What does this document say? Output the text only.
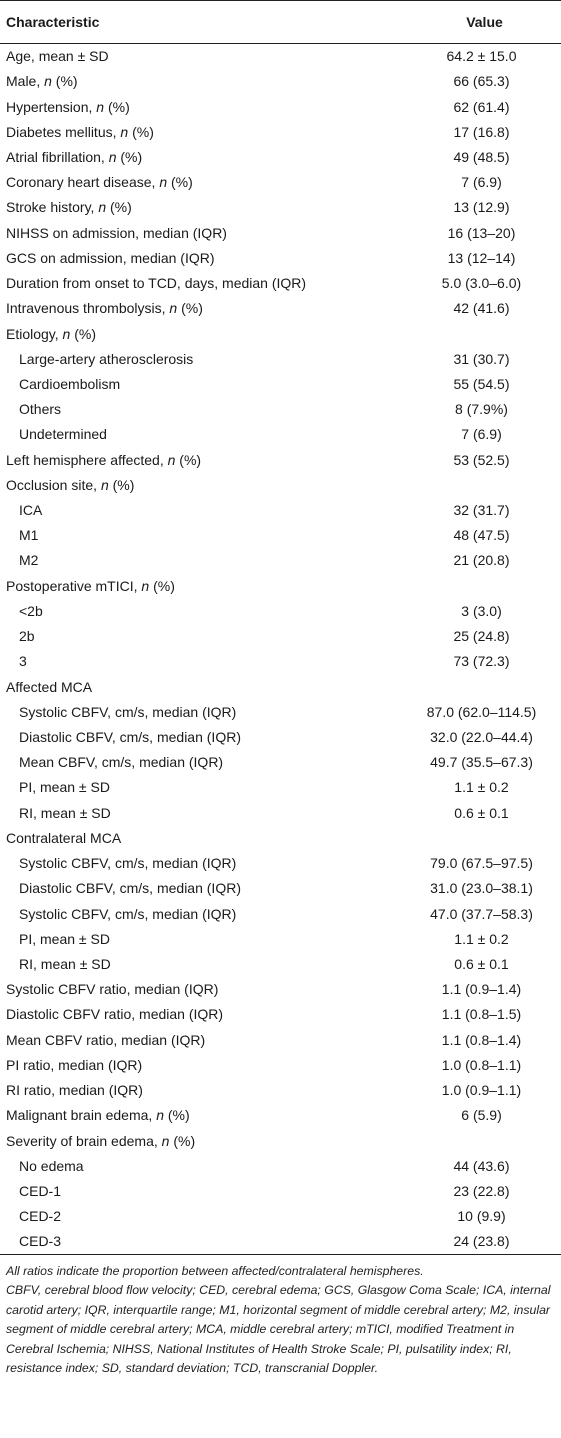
Characteristic	Value
Age, mean ± SD	64.2 ± 15.0
Male, n (%)	66 (65.3)
Hypertension, n (%)	62 (61.4)
Diabetes mellitus, n (%)	17 (16.8)
Atrial fibrillation, n (%)	49 (48.5)
Coronary heart disease, n (%)	7 (6.9)
Stroke history, n (%)	13 (12.9)
NIHSS on admission, median (IQR)	16 (13–20)
GCS on admission, median (IQR)	13 (12–14)
Duration from onset to TCD, days, median (IQR)	5.0 (3.0–6.0)
Intravenous thrombolysis, n (%)	42 (41.6)
Etiology, n (%)	
Large-artery atherosclerosis	31 (30.7)
Cardioembolism	55 (54.5)
Others	8 (7.9%)
Undetermined	7 (6.9)
Left hemisphere affected, n (%)	53 (52.5)
Occlusion site, n (%)	
ICA	32 (31.7)
M1	48 (47.5)
M2	21 (20.8)
Postoperative mTICI, n (%)	
<2b	3 (3.0)
2b	25 (24.8)
3	73 (72.3)
Affected MCA	
Systolic CBFV, cm/s, median (IQR)	87.0 (62.0–114.5)
Diastolic CBFV, cm/s, median (IQR)	32.0 (22.0–44.4)
Mean CBFV, cm/s, median (IQR)	49.7 (35.5–67.3)
PI, mean ± SD	1.1 ± 0.2
RI, mean ± SD	0.6 ± 0.1
Contralateral MCA	
Systolic CBFV, cm/s, median (IQR)	79.0 (67.5–97.5)
Diastolic CBFV, cm/s, median (IQR)	31.0 (23.0–38.1)
Systolic CBFV, cm/s, median (IQR)	47.0 (37.7–58.3)
PI, mean ± SD	1.1 ± 0.2
RI, mean ± SD	0.6 ± 0.1
Systolic CBFV ratio, median (IQR)	1.1 (0.9–1.4)
Diastolic CBFV ratio, median (IQR)	1.1 (0.8–1.5)
Mean CBFV ratio, median (IQR)	1.1 (0.8–1.4)
PI ratio, median (IQR)	1.0 (0.8–1.1)
RI ratio, median (IQR)	1.0 (0.9–1.1)
Malignant brain edema, n (%)	6 (5.9)
Severity of brain edema, n (%)	
No edema	44 (43.6)
CED-1	23 (22.8)
CED-2	10 (9.9)
CED-3	24 (23.8)

All ratios indicate the proportion between affected/contralateral hemispheres.

CBFV, cerebral blood flow velocity; CED, cerebral edema; GCS, Glasgow Coma Scale; ICA, internal carotid artery; IQR, interquartile range; M1, horizontal segment of middle cerebral artery; M2, insular segment of middle cerebral artery; MCA, middle cerebral artery; mTICI, modified Treatment in Cerebral Ischemia; NIHSS, National Institutes of Health Stroke Scale; PI, pulsatility index; RI, resistance index; SD, standard deviation; TCD, transcranial Doppler.
